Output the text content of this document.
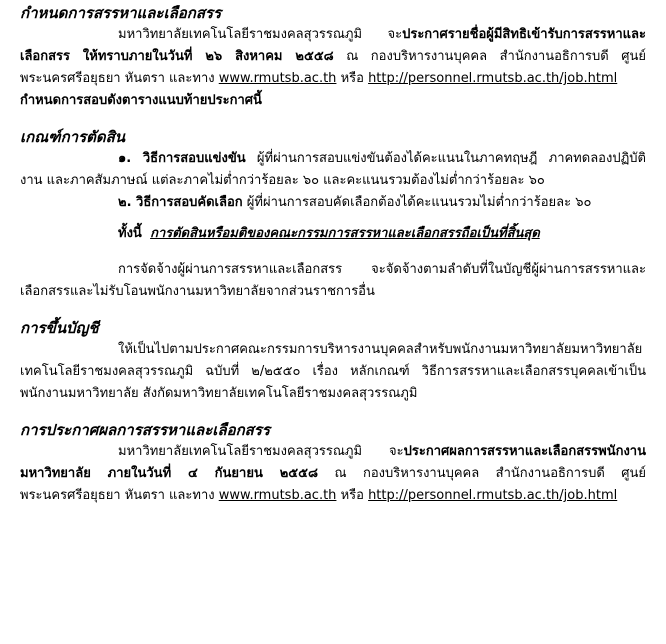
กำหนดการสรรหาและเลือกสรร

มหาวิทยาลัยเทคโนโลยีราชมงคลสุวรรณภูมิ จะประกาศรายชื่อผู้มีสิทธิเข้ารับการสรรหาและเลือกสรร ให้ทราบภายในวันที่ ๒๖ สิงหาคม ๒๕๕๘ ณ กองบริหารงานบุคคล สำนักงานอธิการบดี ศูนย์พระนครศรีอยุธยา หันตรา และทาง www.rmutsb.ac.th หรือ http://personnel.rmutsb.ac.th/job.html

กำหนดการสอบดังตารางแนบท้ายประกาศนี้

เกณฑ์การตัดสิน

๑. วิธีการสอบแข่งขัน ผู้ที่ผ่านการสอบแข่งขันต้องได้คะแนนในภาคทฤษฎี ภาคทดลองปฏิบัติงาน และภาคสัมภาษณ์ แต่ละภาคไม่ต่ำกว่าร้อยละ ๖๐ และคะแนนรวมต้องไม่ต่ำกว่าร้อยละ ๖๐

๒. วิธีการสอบคัดเลือก ผู้ที่ผ่านการสอบคัดเลือกต้องได้คะแนนรวมไม่ต่ำกว่าร้อยละ ๖๐

ทั้งนี้ การตัดสินหรือมติของคณะกรรมการสรรหาและเลือกสรรถือเป็นที่สิ้นสุด

การจัดจ้างผู้ผ่านการสรรหาและเลือกสรร จะจัดจ้างตามลำดับที่ในบัญชีผู้ผ่านการสรรหาและเลือกสรรและไม่รับโอนพนักงานมหาวิทยาลัยจากส่วนราชการอื่น

การขึ้นบัญชี

ให้เป็นไปตามประกาศคณะกรรมการบริหารงานบุคคลสำหรับพนักงานมหาวิทยาลัยมหาวิทยาลัยเทคโนโลยีราชมงคลสุวรรณภูมิ ฉบับที่ ๒/๒๕๕๐ เรื่อง หลักเกณฑ์ วิธีการสรรหาและเลือกสรรบุคคลเข้าเป็นพนักงานมหาวิทยาลัย สังกัดมหาวิทยาลัยเทคโนโลยีราชมงคลสุวรรณภูมิ

การประกาศผลการสรรหาและเลือกสรร

มหาวิทยาลัยเทคโนโลยีราชมงคลสุวรรณภูมิ จะประกาศผลการสรรหาและเลือกสรรพนักงานมหาวิทยาลัย ภายในวันที่ ๔ กันยายน ๒๕๕๘ ณ กองบริหารงานบุคคล สำนักงานอธิการบดี ศูนย์พระนครศรีอยุธยา หันตรา และทาง www.rmutsb.ac.th หรือ http://personnel.rmutsb.ac.th/job.html
